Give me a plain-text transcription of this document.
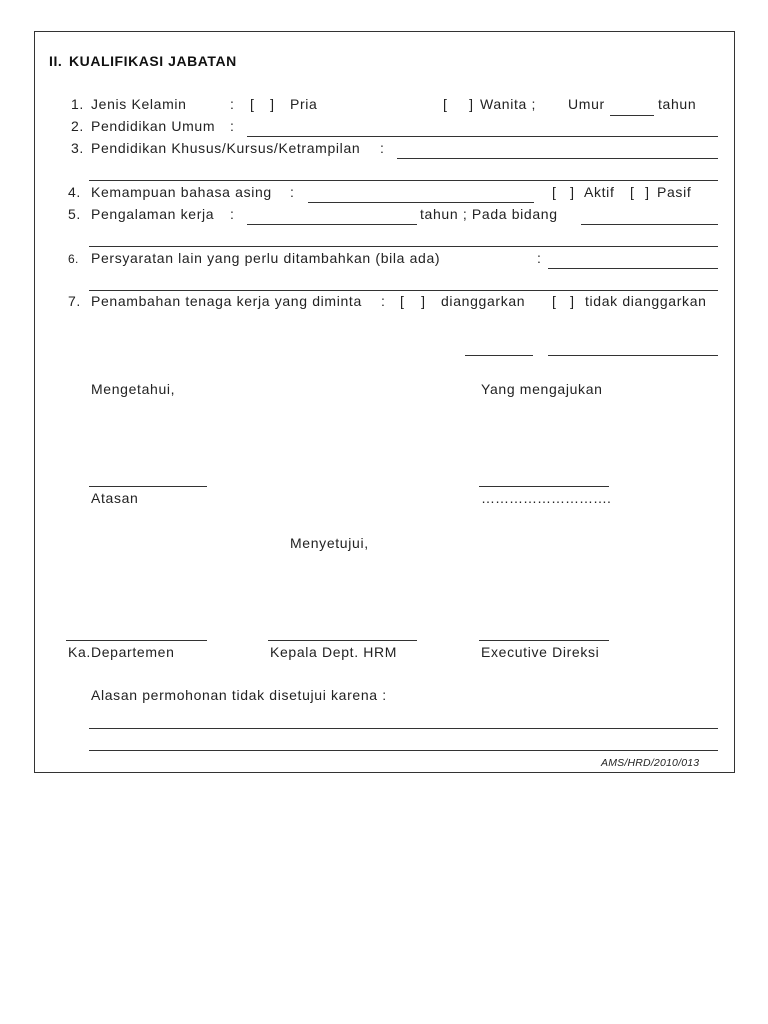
II. KUALIFIKASI JABATAN
1. Jenis Kelamin	: [ ] Pria	[ ] Wanita ; Umur	tahun
2. Pendidikan Umum :
3. Pendidikan Khusus/Kursus/Ketrampilan :
4. Kemampuan bahasa asing :	[ ] Aktif [ ] Pasif
5. Pengalaman kerja :	tahun ; Pada bidang
6. Persyaratan lain yang perlu ditambahkan (bila ada)	:
7. Penambahan tenaga kerja yang diminta : [ ] dianggarkan [ ] tidak dianggarkan
Mengetahui,	Yang mengajukan
Atasan	……………………….
Menyetujui,
Ka.Departemen	Kepala Dept. HRM	Executive Direksi
Alasan permohonan tidak disetujui karena :
AMS/HRD/2010/013
